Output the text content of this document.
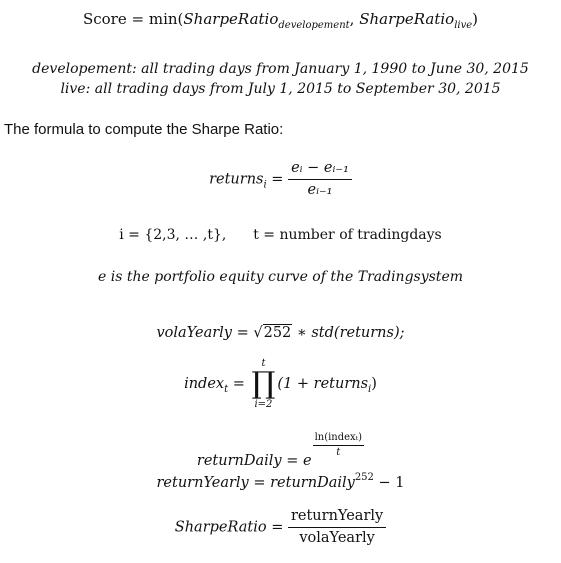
Score = min(SharpeRatio$_{developement}$, SharpeRatio$_{live}$)
developement: all trading days from January 1, 1990 to June 30, 2015
live: all trading days from July 1, 2015 to September 30, 2015
The formula to compute the Sharpe Ratio:
returns$_i$ = $\frac{\text{eᵢ − eᵢ₋₁}}{\text{eᵢ₋₁}}$
i = {2,3, … ,t}, t = number of tradingdays
e is the portfolio equity curve of the Tradingsystem
volaYearly = √252 ∗ std(returns);
index$_t$ =
t
∏
i=2
(1 + returns$_i$)
returnDaily = e
$\frac{\text{ln(indexₜ)}}{t}$
returnYearly = returnDaily$^{252}$ − 1
SharpeRatio = $\frac{\text{returnYearly}}{\text{volaYearly}}$
